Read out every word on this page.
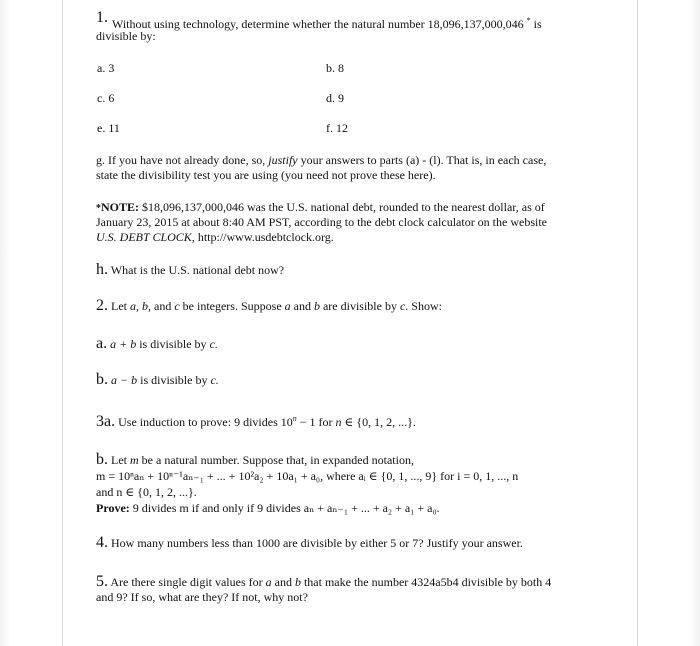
1. Without using technology, determine whether the natural number 18,096,137,000,046 * is
divisible by:
a. 3	b. 8
c. 6	d. 9
e. 11	f. 12
g. If you have not already done, so, justify your answers to parts (a) - (l). That is, in each case,
state the divisibility test you are using (you need not prove these here).
*NOTE: $18,096,137,000,046 was the U.S. national debt, rounded to the nearest dollar, as of
January 23, 2015 at about 8:40 AM PST, according to the debt clock calculator on the website
U.S. DEBT CLOCK, http://www.usdebtclock.org.
h. What is the U.S. national debt now?
2. Let a, b, and c be integers. Suppose a and b are divisible by c. Show:
a. a + b is divisible by c.
b. a − b is divisible by c.
3a. Use induction to prove: 9 divides $10^n - 1$ for n ∈ {0, 1, 2, ...}.
b. Let m be a natural number. Suppose that, in expanded notation,
m = 10ⁿaₙ + 10ⁿ⁻¹aₙ₋₁ + ... + 10²a₂ + 10a₁ + a₀, where aᵢ ∈ {0, 1, ..., 9} for i = 0, 1, ..., n
and n ∈ {0, 1, 2, ...}.
Prove: 9 divides m if and only if 9 divides aₙ + aₙ₋₁ + ... + a₂ + a₁ + a₀.
4. How many numbers less than 1000 are divisible by either 5 or 7? Justify your answer.
5. Are there single digit values for a and b that make the number 4324a5b4 divisible by both 4
and 9? If so, what are they? If not, why not?
